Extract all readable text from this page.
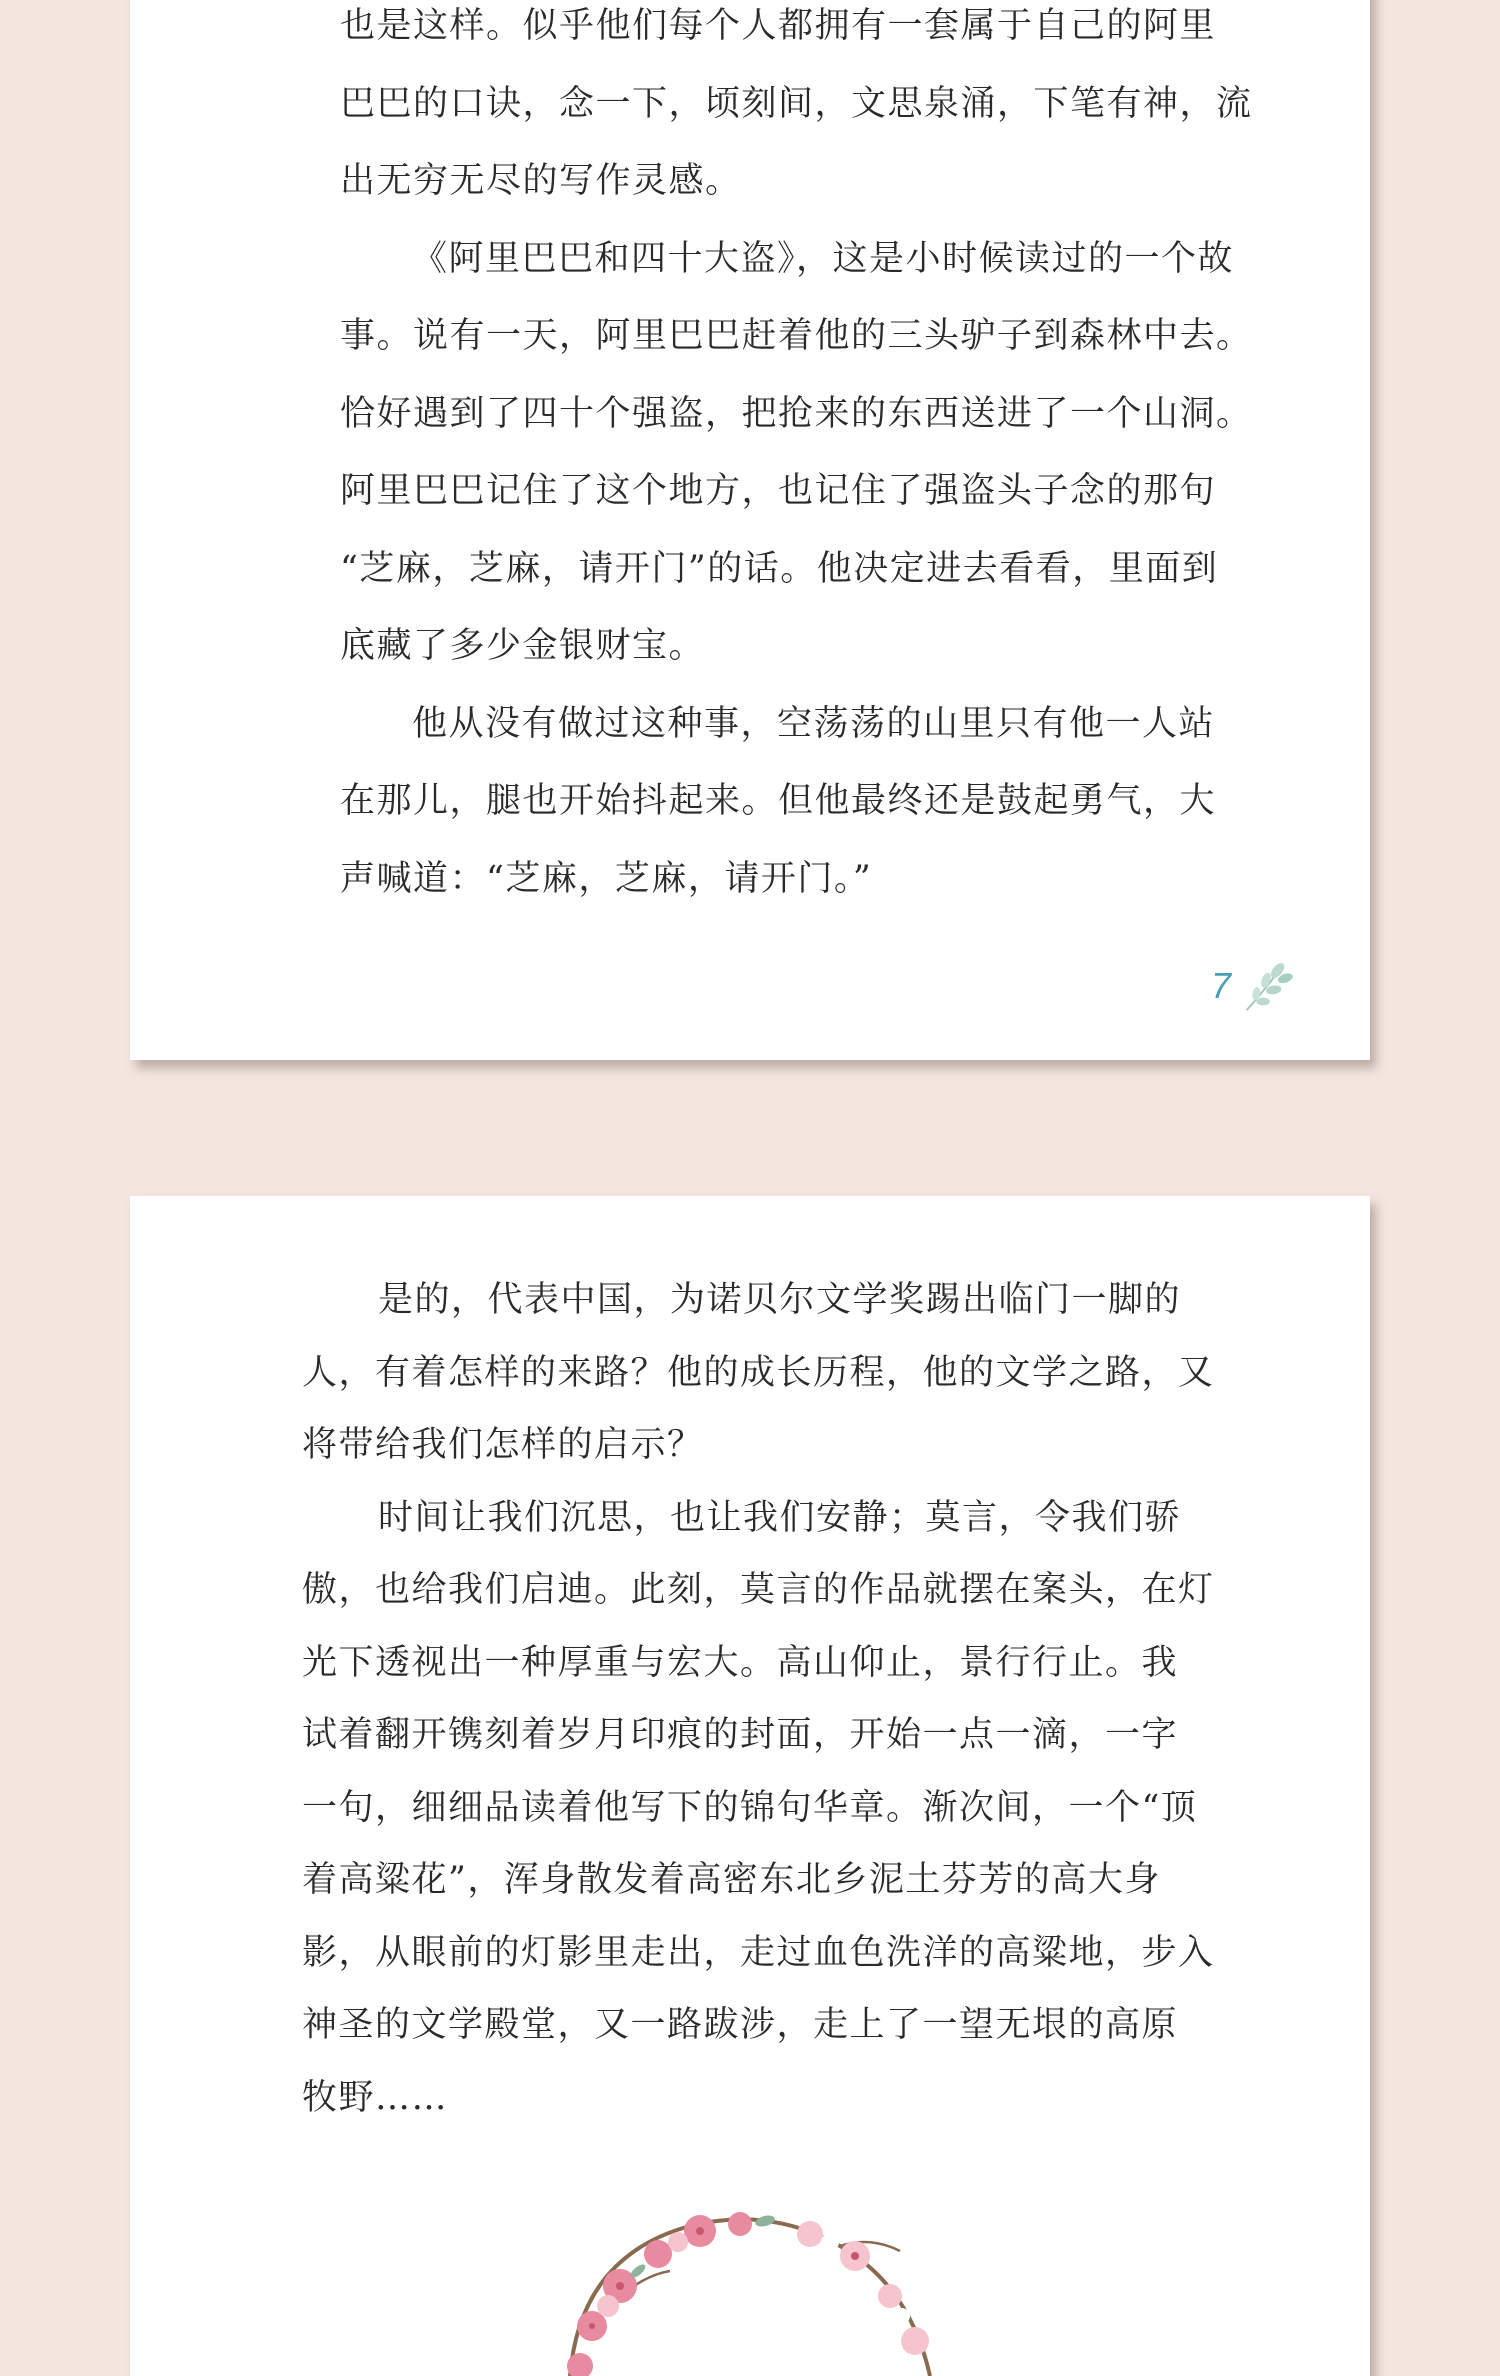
也是这样。似乎他们每个人都拥有一套属于自己的阿里
巴巴的口诀，念一下，顷刻间，文思泉涌，下笔有神，流
出无穷无尽的写作灵感。
《阿里巴巴和四十大盗》，这是小时候读过的一个故
事。说有一天，阿里巴巴赶着他的三头驴子到森林中去。
恰好遇到了四十个强盗，把抢来的东西送进了一个山洞。
阿里巴巴记住了这个地方，也记住了强盗头子念的那句
“芝麻，芝麻，请开门”的话。他决定进去看看，里面到
底藏了多少金银财宝。
他从没有做过这种事，空荡荡的山里只有他一人站
在那儿，腿也开始抖起来。但他最终还是鼓起勇气，大
声喊道：“芝麻，芝麻，请开门。”
7
是的，代表中国，为诺贝尔文学奖踢出临门一脚的
人，有着怎样的来路？他的成长历程，他的文学之路，又
将带给我们怎样的启示？
时间让我们沉思，也让我们安静；莫言，令我们骄
傲，也给我们启迪。此刻，莫言的作品就摆在案头，在灯
光下透视出一种厚重与宏大。高山仰止，景行行止。我
试着翻开镌刻着岁月印痕的封面，开始一点一滴，一字
一句，细细品读着他写下的锦句华章。渐次间，一个“顶
着高粱花”，浑身散发着高密东北乡泥土芬芳的高大身
影，从眼前的灯影里走出，走过血色洗洋的高粱地，步入
神圣的文学殿堂，又一路跋涉，走上了一望无垠的高原
牧野……
